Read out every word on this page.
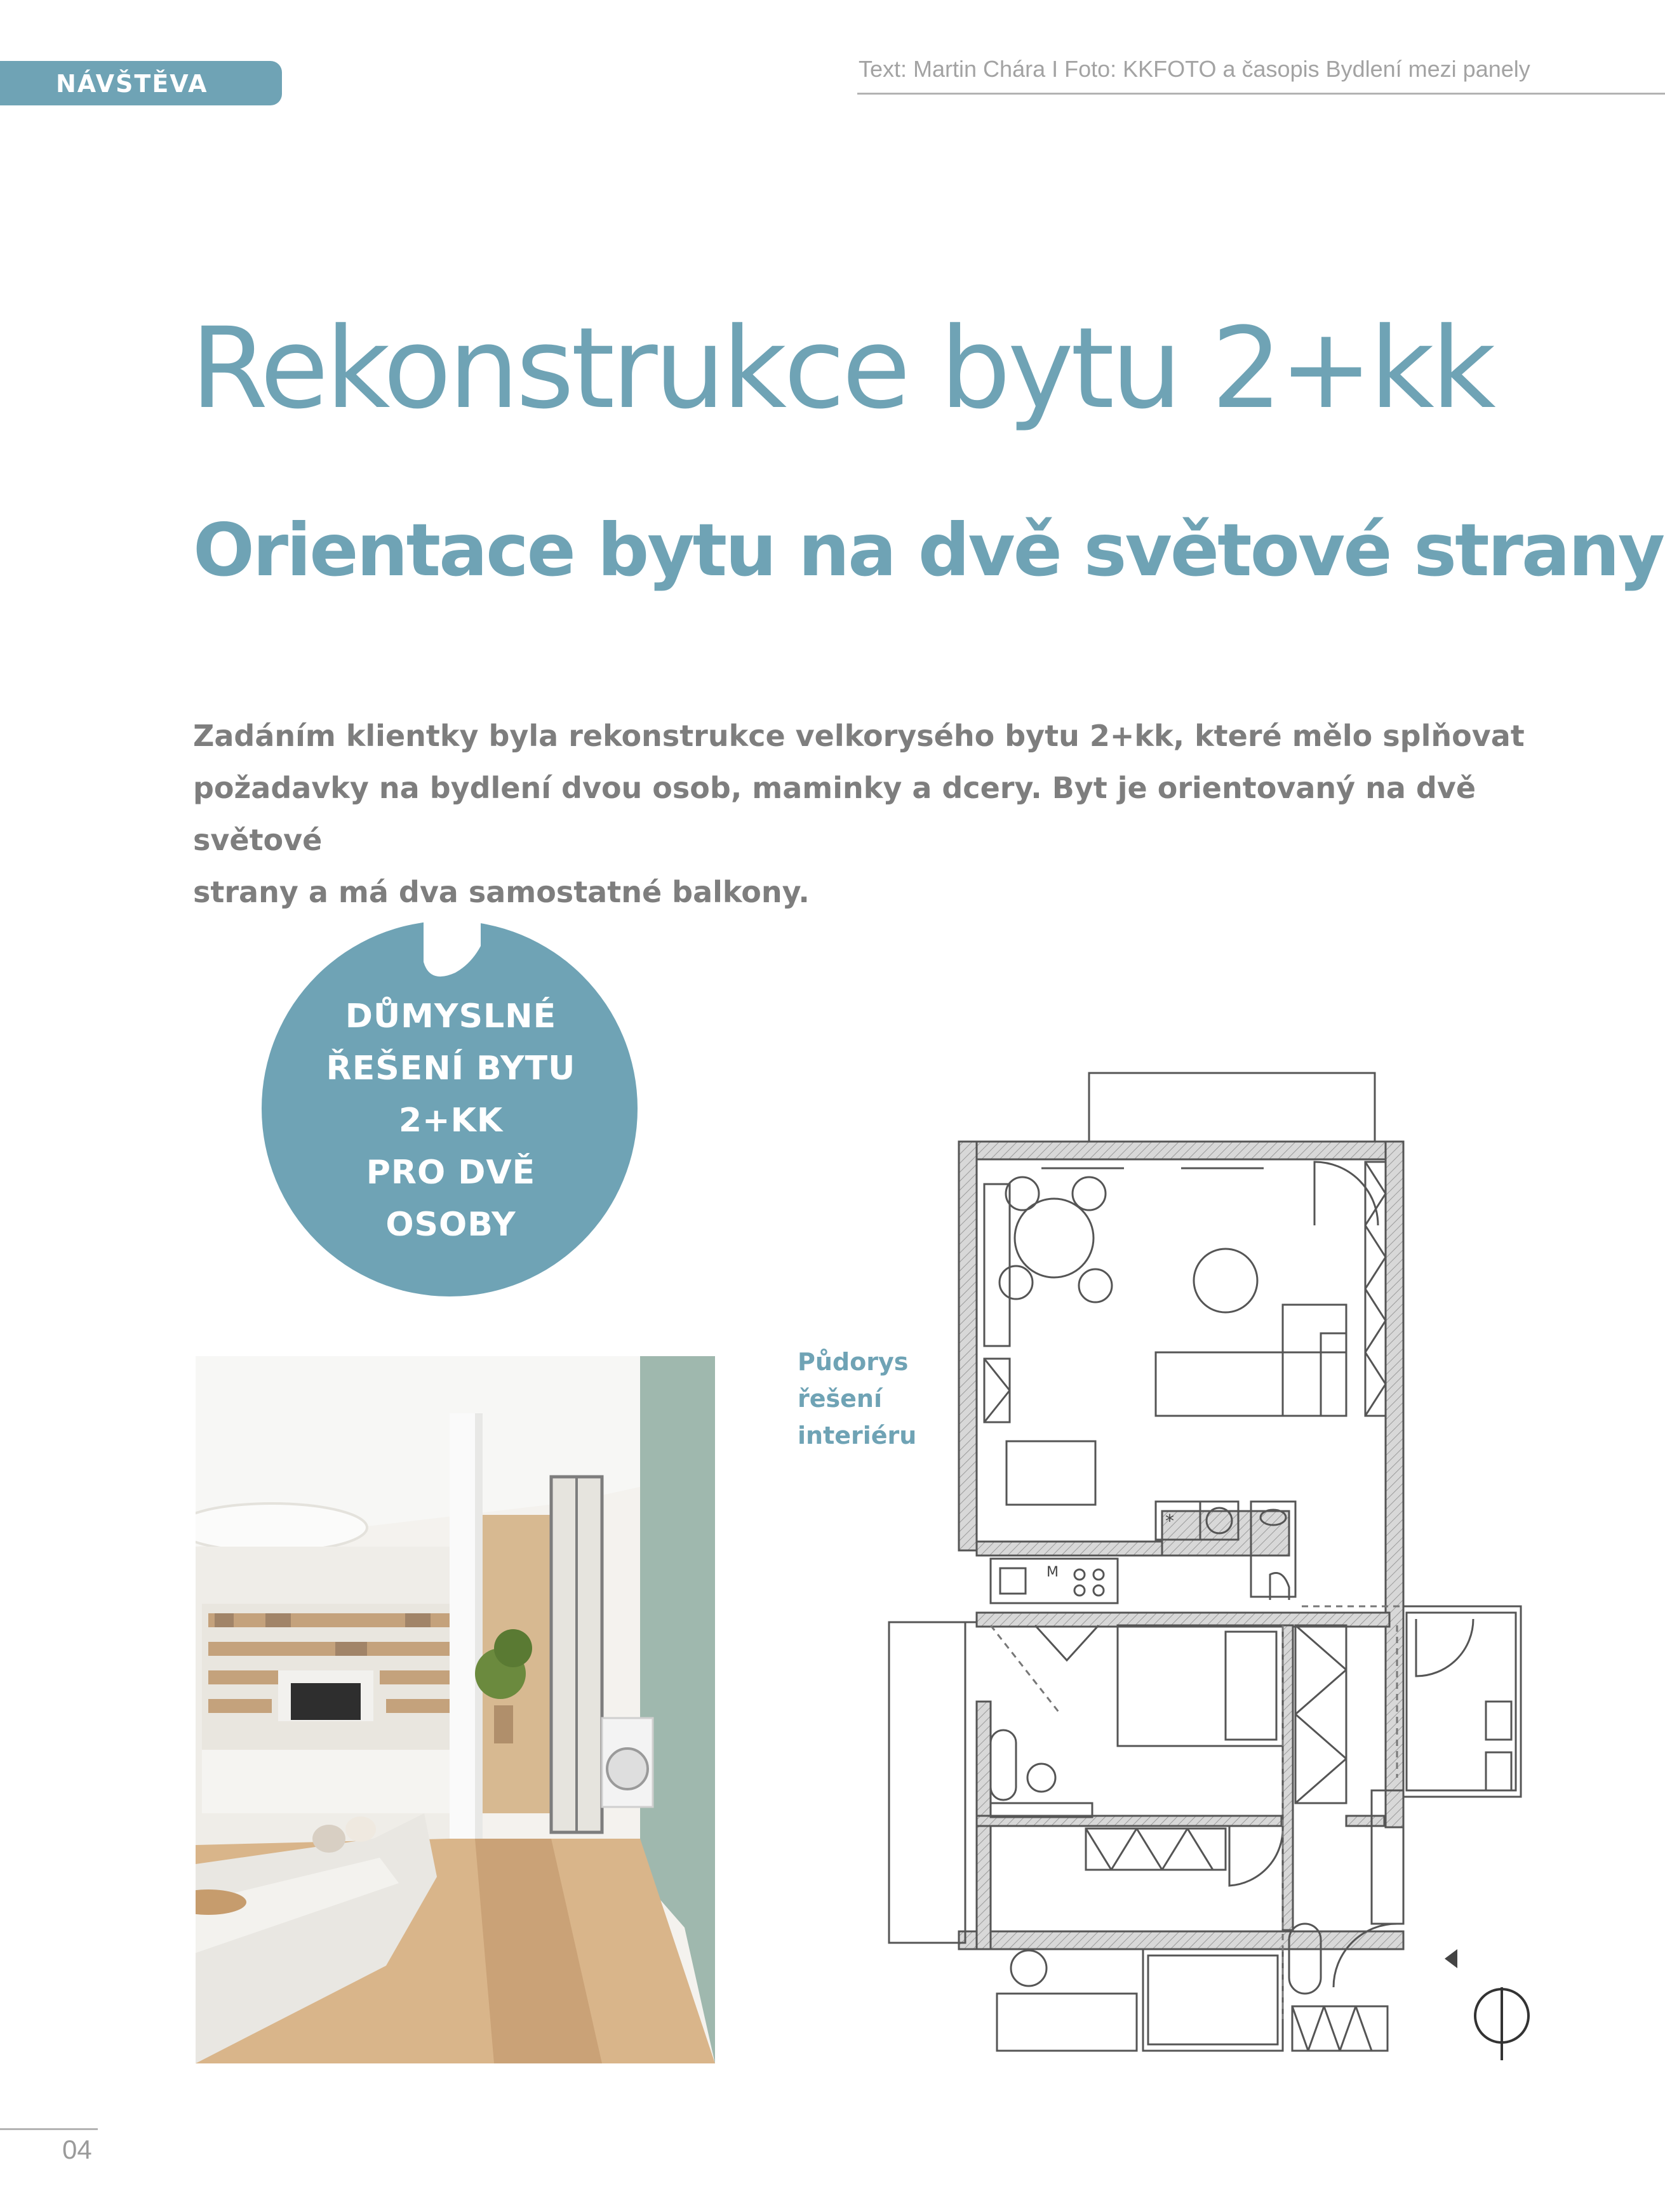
NÁVŠTĚVA
Text: Martin Chára I Foto: KKFOTO a časopis Bydlení mezi panely
Rekonstrukce bytu 2+kk
Orientace bytu na dvě světové strany

Zadáním klientky byla rekonstrukce velkorysého bytu 2+kk, které mělo splňovat
požadavky na bydlení dvou osob, maminky a dcery. Byt je orientovaný na dvě světové
strany a má dva samostatné balkony.

DŮMYSLNÉ
ŘEŠENÍ BYTU
2+KK
PRO DVĚ
OSOBY
Půdorys
řešení
interiéru
*
M
04
